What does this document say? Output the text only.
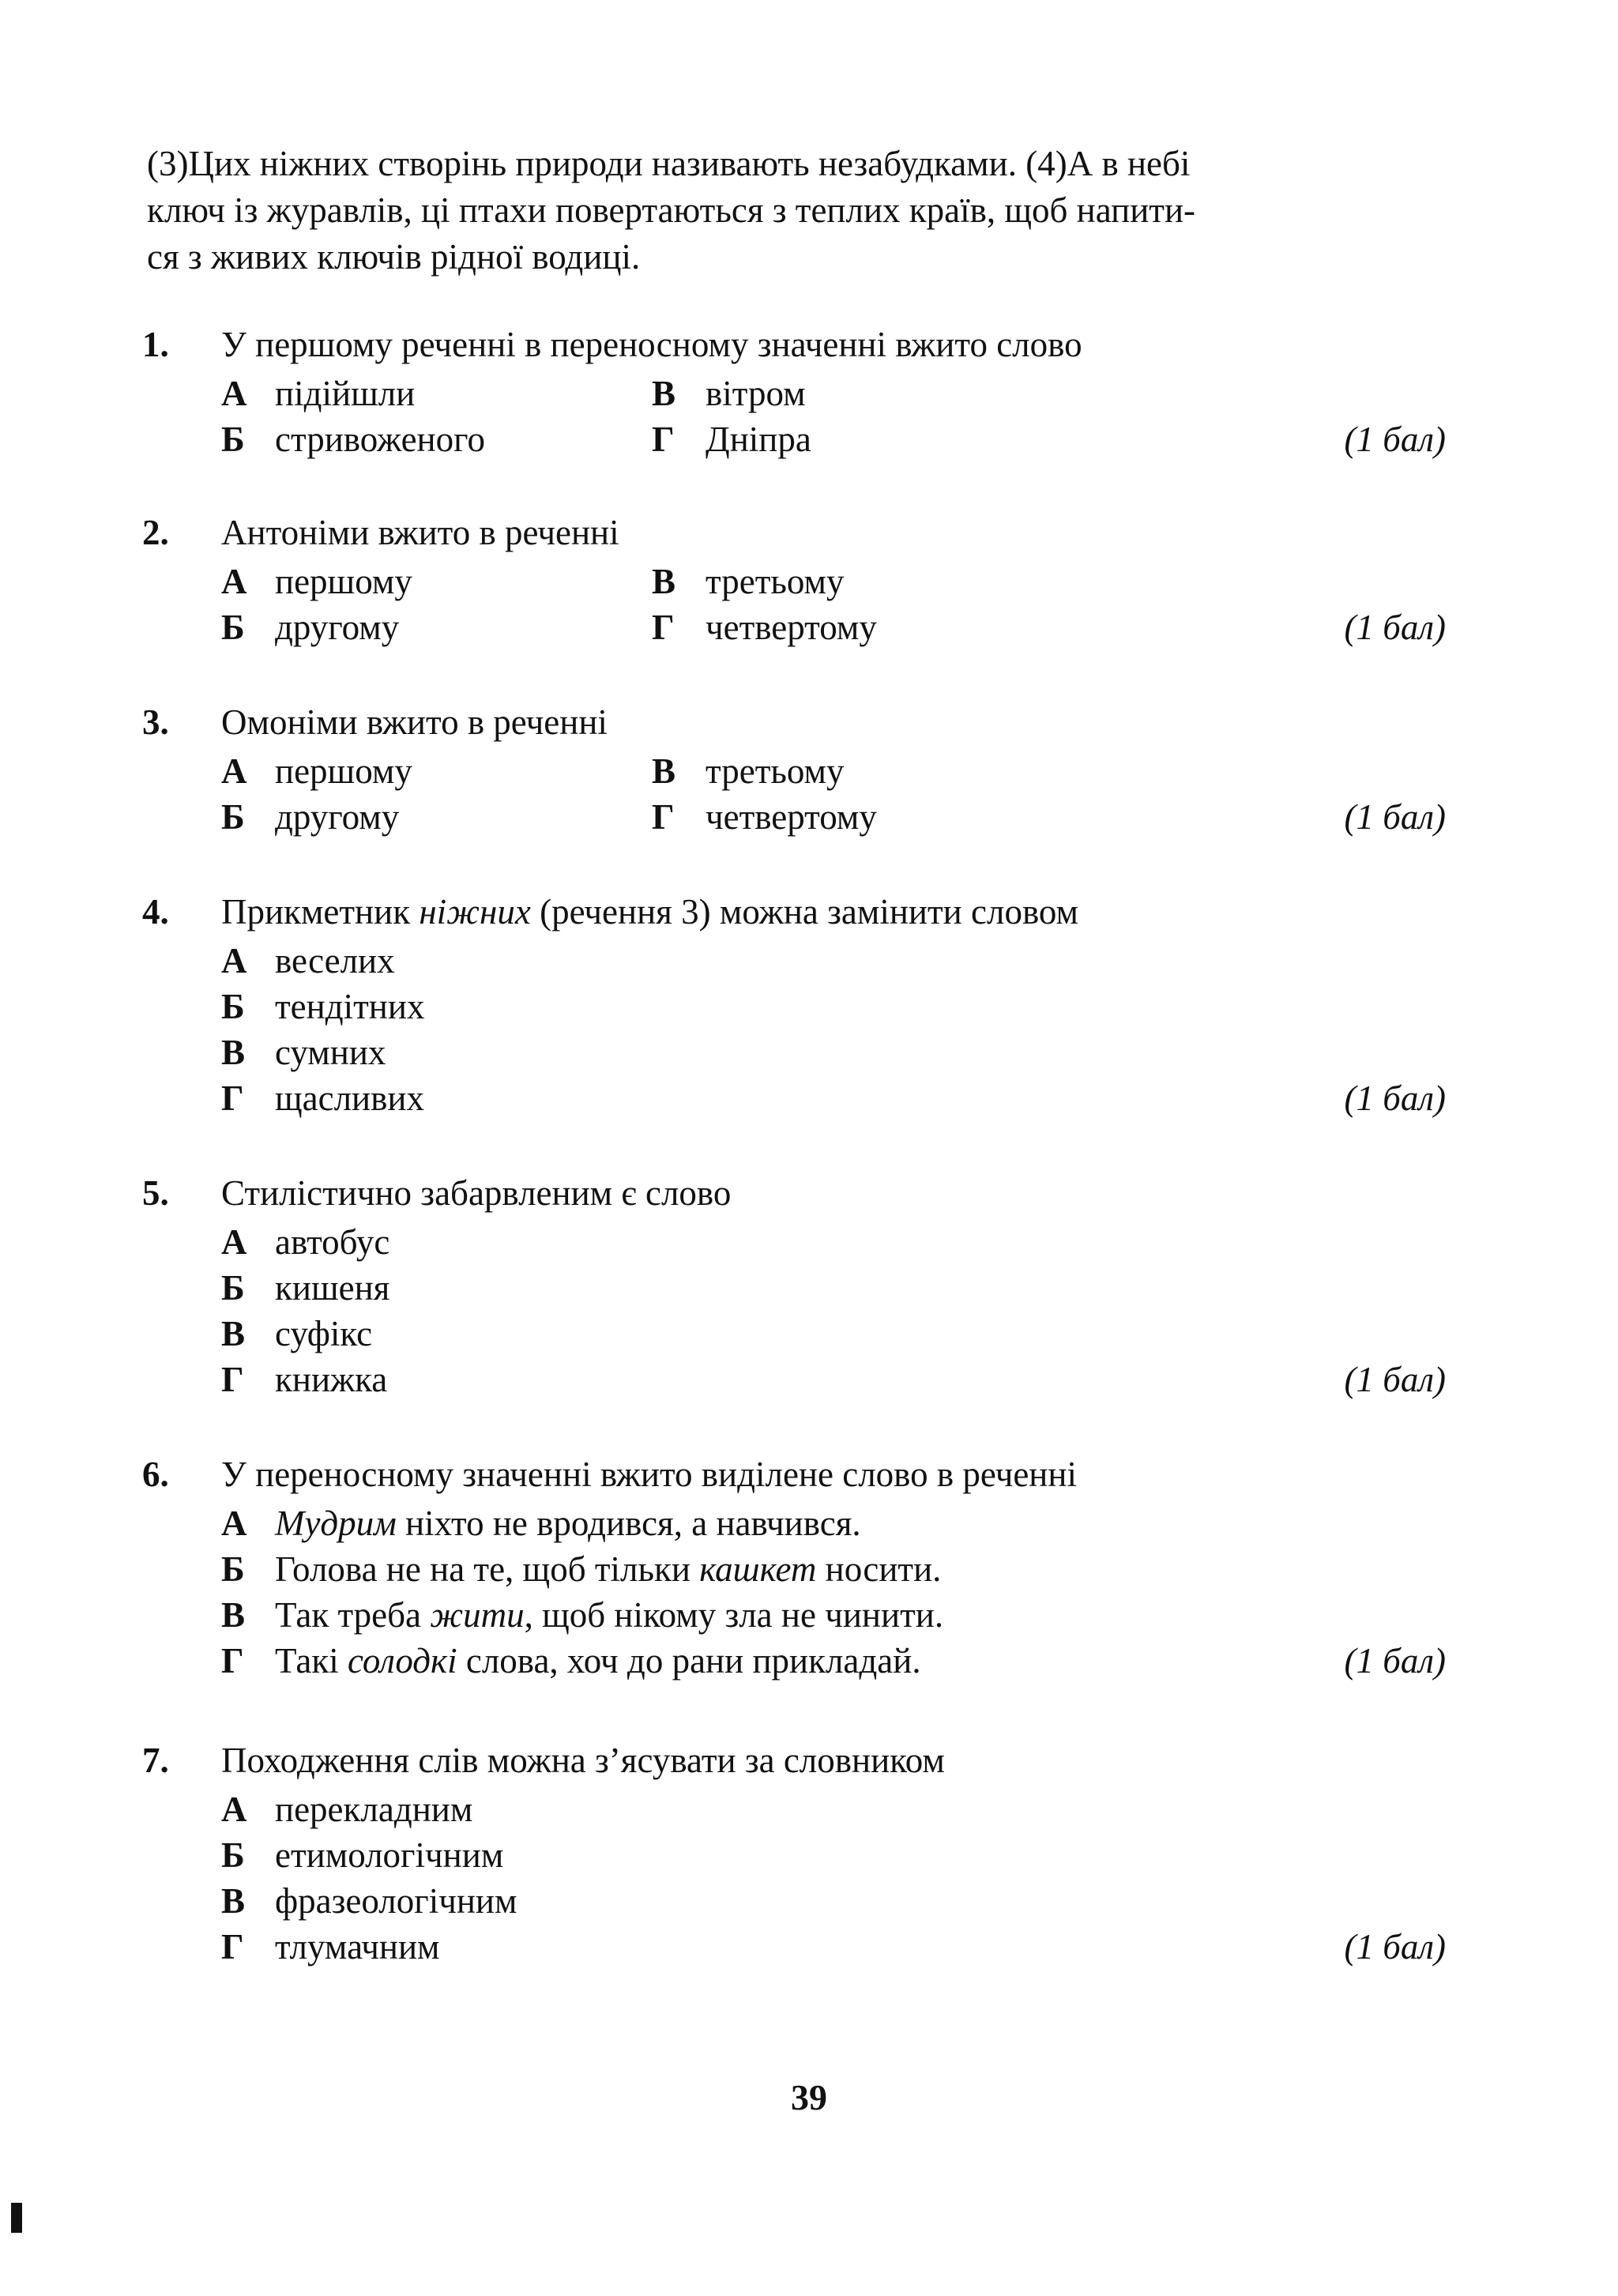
(3)Цих ніжних створінь природи називають незабудками. (4)А в небі

ключ із журавлів, ці птахи повертаються з теплих країв, щоб напити-

ся з живих ключів рідної водиці.

1. У першому реченні в переносному значенні вжито слово
А підійшли	В вітром
Б стривоженого	Г Дніпра	(1 бал)
2. Антоніми вжито в реченні
А першому	В третьому
Б другому	Г четвертому	(1 бал)
3. Омоніми вжито в реченні
А першому	В третьому
Б другому	Г четвертому	(1 бал)
4. Прикметник ніжних (речення 3) можна замінити словом
А веселих
Б тендітних
В сумних
Г щасливих	(1 бал)
5. Стилістично забарвленим є слово
А автобус
Б кишеня
В суфікс
Г книжка	(1 бал)
6. У переносному значенні вжито виділене слово в реченні
А Мудрим ніхто не вродився, а навчився.
Б Голова не на те, щоб тільки кашкет носити.
В Так треба жити, щоб нікому зла не чинити.
Г Такі солодкі слова, хоч до рани прикладай.	(1 бал)
7. Походження слів можна з’ясувати за словником
А перекладним
Б етимологічним
В фразеологічним
Г тлумачним	(1 бал)
39
